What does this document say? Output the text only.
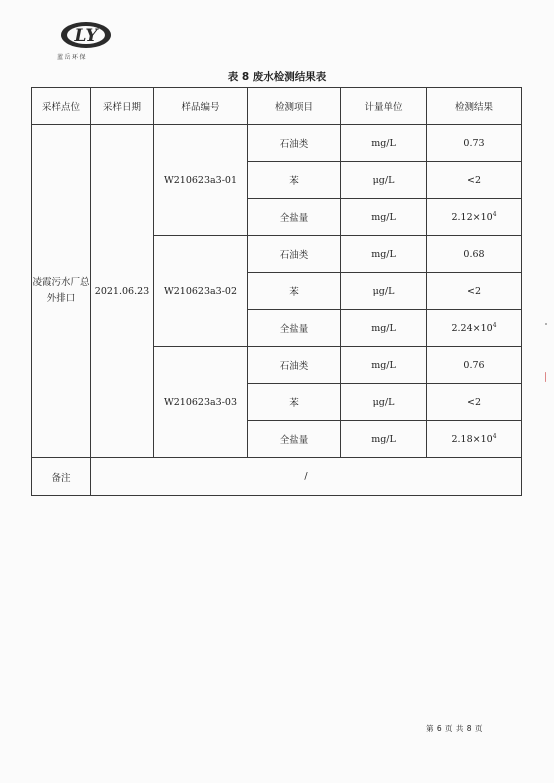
LY
蓝岳环保
表 8 废水检测结果表
采样点位	采样日期	样品编号	检测项目	计量单位	检测结果
凌霞污水厂总外排口	2021.06.23	W210623a3-01	石油类	mg/L	0.73
			苯	μg/L	<2
			全盐量	mg/L	$2.12\times 10^4$
		W210623a3-02	石油类	mg/L	0.68
			苯	μg/L	<2
			全盐量	mg/L	$2.24\times 10^4$
		W210623a3-03	石油类	mg/L	0.76
			苯	μg/L	<2
			全盐量	mg/L	$2.18\times 10^4$
备注	/				
第 6 页 共 8 页
